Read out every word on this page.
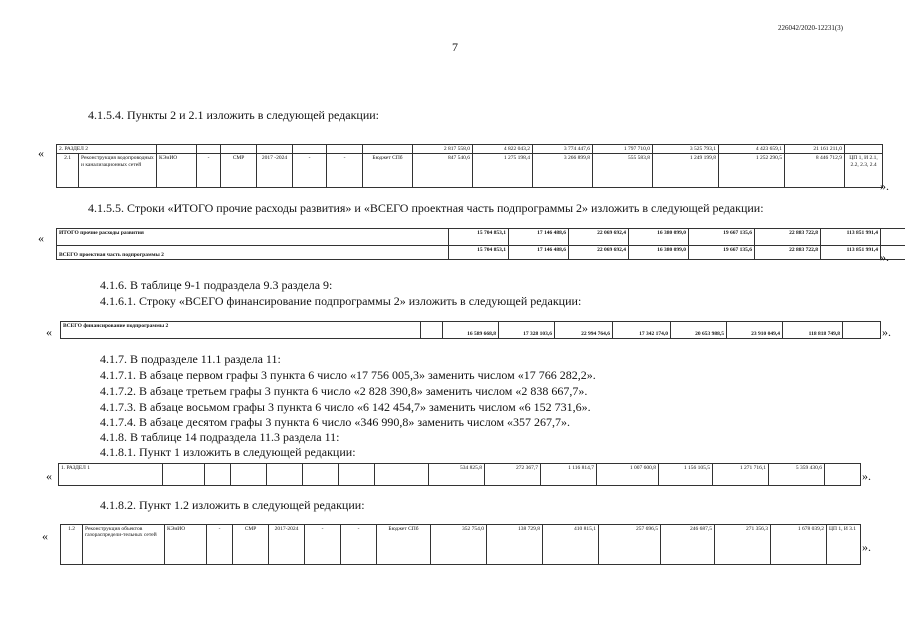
226042/2020-12231(3)
7
4.1.5.4. Пункты 2 и 2.1 изложить в следующей редакции:
«	2. РАЗДЕЛ 2									2 817 558,0	4 822 043,2	3 774 447,6	1 797 710,0	3 525 793,1	4 423 659,1	21 161 211,0	
2.1	Реконструкция водопроводных и канализационных сетей	КЭиИО	-	СМР	2017 -2024	-	-	Бюджет СПб	847 540,6	1 275 198,4	3 266 899,8	555 583,8	1 249 199,8	1 252 290,5	8 446 712,9	ЦП 1, И 2.1, 2.2, 2.3, 2.4
».
4.1.5.5. Строки «ИТОГО прочие расходы развития» и «ВСЕГО проектная часть подпрограммы 2» изложить в следующей редакции:
«	ИТОГО прочие расходы развития	15 704 853,1	17 146 488,6	22 069 692,4	16 380 099,0	19 667 135,6	22 883 722,8	113 851 991,4	
ВСЕГО проектная часть подпрограммы 2	15 704 853,1	17 146 488,6	22 069 692,4	16 380 099,0	19 667 135,6	22 883 722,8	113 851 991,4	».
4.1.6. В таблице 9-1 подраздела 9.3 раздела 9:
4.1.6.1. Строку «ВСЕГО финансирование подпрограммы 2» изложить в следующей редакции:
« ВСЕГО финансирование подпрограммы 2		16 589 668,8	17 328 103,6	22 994 764,6	17 342 174,0	20 653 988,5	23 910 049,4	118 818 749,8		».
4.1.7. В подразделе 11.1 раздела 11:
4.1.7.1. В абзаце первом графы 3 пункта 6 число «17 756 005,3» заменить числом «17 766 282,2».
4.1.7.2. В абзаце третьем графы 3 пункта 6 число «2 828 390,8» заменить числом «2 838 667,7».
4.1.7.3. В абзаце восьмом графы 3 пункта 6 число «6 142 454,7» заменить числом «6 152 731,6».
4.1.7.4. В абзаце десятом графы 3 пункта 6 число «346 990,8» заменить числом «357 267,7».
4.1.8. В таблице 14 подраздела 11.3 раздела 11:
4.1.8.1. Пункт 1 изложить в следующей редакции:
«
1. РАЗДЕЛ 1								534 825,8	272 367,7	1 116 814,7	1 007 600,8	1 156 105,5	1 271 716,1	5 359 430,6	
».
4.1.8.2. Пункт 1.2 изложить в следующей редакции:
«	1.2	Реконструкция объектов газораспредели-тельных сетей	КЭиИО	-	СМР	2017-2024	-	-	Бюджет СПб	352 754,0	138 729,8	410 815,1	257 696,5	246 687,5	271 356,3	1 678 039,2	ЦП 1, И 3.1
».
